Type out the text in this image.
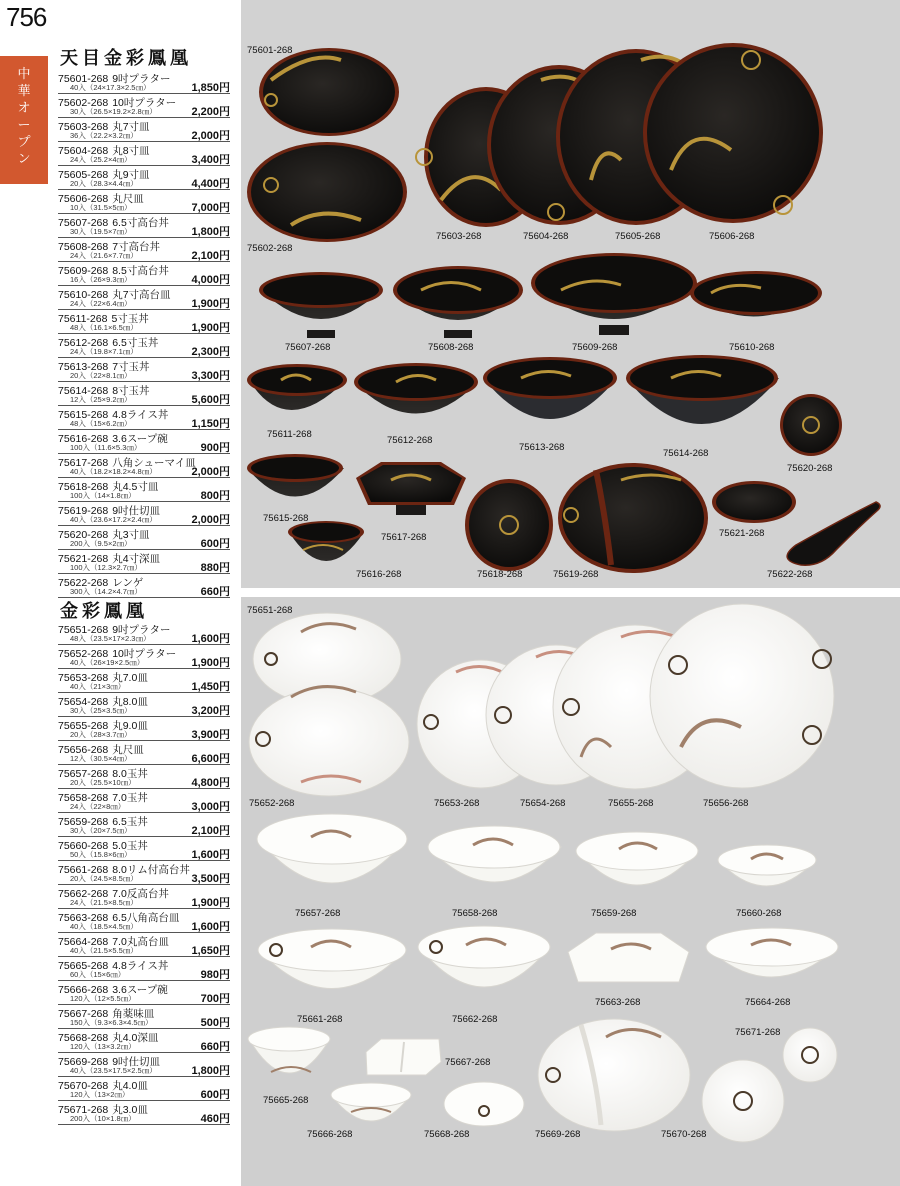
756
中
華
オ
ー
プ
ン
天目金彩鳳凰
75601-268 9吋プラター
40入（24×17.3×2.5㎝）	1,850円
75602-268 10吋プラター
30入（26.5×19.2×2.8㎝）	2,200円
75603-268 丸7寸皿
36入（22.2×3.2㎝）	2,000円
75604-268 丸8寸皿
24入（25.2×4㎝）	3,400円
75605-268 丸9寸皿
20入（28.3×4.4㎝）	4,400円
75606-268 丸尺皿
10入（31.5×5㎝）	7,000円
75607-268 6.5寸高台丼
30入（19.5×7㎝）	1,800円
75608-268 7寸高台丼
24入（21.6×7.7㎝）	2,100円
75609-268 8.5寸高台丼
16入（26×9.3㎝）	4,000円
75610-268 丸7寸高台皿
24入（22×6.4㎝）	1,900円
75611-268 5寸玉丼
48入（16.1×6.5㎝）	1,900円
75612-268 6.5寸玉丼
24入（19.8×7.1㎝）	2,300円
75613-268 7寸玉丼
20入（22×8.1㎝）	3,300円
75614-268 8寸玉丼
12入（25×9.2㎝）	5,600円
75615-268 4.8ライス丼
48入（15×6.2㎝）	1,150円
75616-268 3.6スープ碗
100入（11.6×5.3㎝）	900円
75617-268 八角シューマイ皿
40入（18.2×18.2×4.8㎝）	2,000円
75618-268 丸4.5寸皿
100入（14×1.8㎝）	800円
75619-268 9吋仕切皿
40入（23.6×17.2×2.4㎝）	2,000円
75620-268 丸3寸皿
200入（9.5×2㎝）	600円
75621-268 丸4寸深皿
100入（12.3×2.7㎝）	880円
75622-268 レンゲ
300入（14.2×4.7㎝）	660円
金彩鳳凰
75651-268 9吋プラター
48入（23.5×17×2.3㎝）	1,600円
75652-268 10吋プラター
40入（26×19×2.5㎝）	1,900円
75653-268 丸7.0皿
40入（21×3㎝）	1,450円
75654-268 丸8.0皿
30入（25×3.5㎝）	3,200円
75655-268 丸9.0皿
20入（28×3.7㎝）	3,900円
75656-268 丸尺皿
12入（30.5×4㎝）	6,600円
75657-268 8.0玉丼
20入（25.5×10㎝）	4,800円
75658-268 7.0玉丼
24入（22×8㎝）	3,000円
75659-268 6.5玉丼
30入（20×7.5㎝）	2,100円
75660-268 5.0玉丼
50入（15.8×6㎝）	1,600円
75661-268 8.0リム付高台丼
20入（24.5×8.5㎝）	3,500円
75662-268 7.0反高台丼
24入（21.5×8.5㎝）	1,900円
75663-268 6.5八角高台皿
40入（18.5×4.5㎝）	1,600円
75664-268 7.0丸高台皿
40入（21.5×5.5㎝）	1,650円
75665-268 4.8ライス丼
60入（15×6㎝）	980円
75666-268 3.6スープ碗
120入（12×5.5㎝）	700円
75667-268 角薬味皿
150入（9.3×6.3×4.5㎝）	500円
75668-268 丸4.0深皿
120入（13×3.2㎝）	660円
75669-268 9吋仕切皿
40入（23.5×17.5×2.5㎝）	1,800円
75670-268 丸4.0皿
120入（13×2㎝）	600円
75671-268 丸3.0皿
200入（10×1.8㎝）	460円
75601-268
75602-268
75603-268	75604-268	75605-268	75606-268
75607-268	75608-268	75609-268	75610-268
75611-268
75612-268
75613-268
75614-268
75615-268
75616-268
75617-268
75618-268	75619-268
75620-268
75621-268
75622-268
75651-268
75652-268	75653-268	75654-268	75655-268	75656-268
75657-268	75658-268	75659-268	75660-268
75661-268	75662-268
75663-268	75664-268
75665-268
75666-268
75667-268
75668-268	75669-268	75670-268
75671-268
